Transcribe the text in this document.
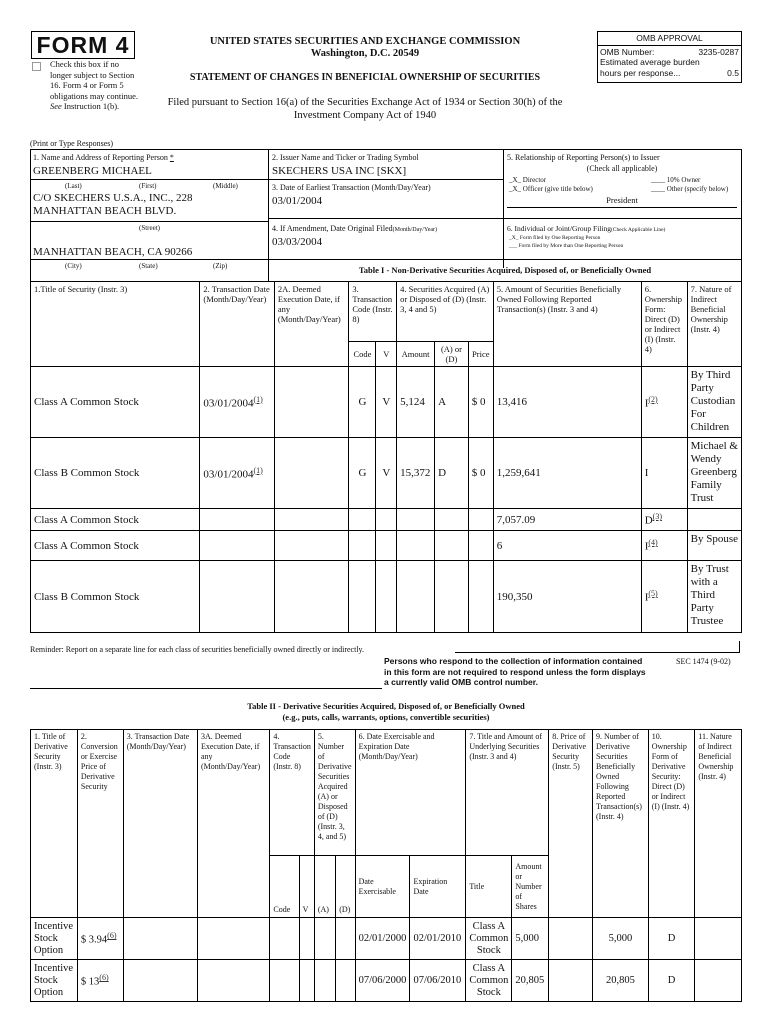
FORM 4
Check this box if no longer subject to Section 16. Form 4 or Form 5 obligations may continue. See Instruction 1(b).
UNITED STATES SECURITIES AND EXCHANGE COMMISSION
Washington, D.C. 20549
STATEMENT OF CHANGES IN BENEFICIAL OWNERSHIP OF SECURITIES
Filed pursuant to Section 16(a) of the Securities Exchange Act of 1934 or Section 30(h) of the
Investment Company Act of 1940
OMB APPROVAL
OMB Number:	3235-0287

Estimated average burden
hours per response...	0.5
(Print or Type Responses)
1. Name and Address of Reporting Person *
GREENBERG MICHAEL
(Last)	(First)	(Middle)
C/O SKECHERS U.S.A., INC., 228
MANHATTAN BEACH BLVD.
(Street)
MANHATTAN BEACH, CA 90266
(City)	(State)	(Zip)
2. Issuer Name and Ticker or Trading Symbol
SKECHERS USA INC [SKX]
3. Date of Earliest Transaction (Month/Day/Year)
03/01/2004
4. If Amendment, Date Original Filed(Month/Day/Year)
03/03/2004
5. Relationship of Reporting Person(s) to Issuer
(Check all applicable)
_X_ Director	____ 10% Owner
_X_ Officer (give title below)	____ Other (specify below)
President
6. Individual or Joint/Group Filing(Check Applicable Line)
_X_ Form filed by One Reporting Person
___ Form filed by More than One Reporting Person
Table I - Non-Derivative Securities Acquired, Disposed of, or Beneficially Owned
1.Title of Security (Instr. 3)	2. Transaction Date (Month/Day/Year)	2A. Deemed Execution Date, if any (Month/Day/Year)	3. Transaction Code (Instr. 8)		4. Securities Acquired (A) or Disposed of (D) (Instr. 3, 4 and 5)			5. Amount of Securities Beneficially Owned Following Reported Transaction(s) (Instr. 3 and 4)	6. Ownership Form: Direct (D) or Indirect (I) (Instr. 4)	7. Nature of Indirect Beneficial Ownership (Instr. 4)
			Code	V	Amount	(A) or (D)	Price			
Class A Common Stock	03/01/2004$^{(1)}$		G	V	5,124	A	$ 0	13,416	I$^{(2)}$	By Third Party Custodian For Children
Class B Common Stock	03/01/2004$^{(1)}$		G	V	15,372	D	$ 0	1,259,641	I	Michael & Wendy Greenberg Family Trust
Class A Common Stock								7,057.09	D$^{(3)}$	
Class A Common Stock								6	I$^{(4)}$	By Spouse
Class B Common Stock								190,350	I$^{(5)}$	By Trust with a Third Party Trustee
Reminder: Report on a separate line for each class of securities beneficially owned directly or indirectly.
Persons who respond to the collection of information contained
in this form are not required to respond unless the form displays
a currently valid OMB control number.
SEC 1474 (9-02)
Table II - Derivative Securities Acquired, Disposed of, or Beneficially Owned
(e.g., puts, calls, warrants, options, convertible securities)
1. Title of Derivative Security (Instr. 3)	2. Conversion or Exercise Price of Derivative Security	3. Transaction Date (Month/Day/Year)	3A. Deemed Execution Date, if any (Month/Day/Year)	4. Transaction Code (Instr. 8)		5. Number of Derivative Securities Acquired (A) or Disposed of (D) (Instr. 3, 4, and 5)		6. Date Exercisable and Expiration Date (Month/Day/Year)		7. Title and Amount of Underlying Securities (Instr. 3 and 4)		8. Price of Derivative Security (Instr. 5)	9. Number of Derivative Securities Beneficially Owned Following Reported Transaction(s) (Instr. 4)	10. Ownership Form of Derivative Security: Direct (D) or Indirect (I) (Instr. 4)	11. Nature of Indirect Beneficial Ownership (Instr. 4)
				Code	V	(A)	(D)	Date Exercisable	Expiration Date	Title	Amount or Number of Shares				
Incentive Stock Option	$ 3.94$^{(6)}$							02/01/2000	02/01/2010	Class A Common Stock	5,000		5,000	D	
Incentive Stock Option	$ 13$^{(6)}$							07/06/2000	07/06/2010	Class A Common Stock	20,805		20,805	D	
